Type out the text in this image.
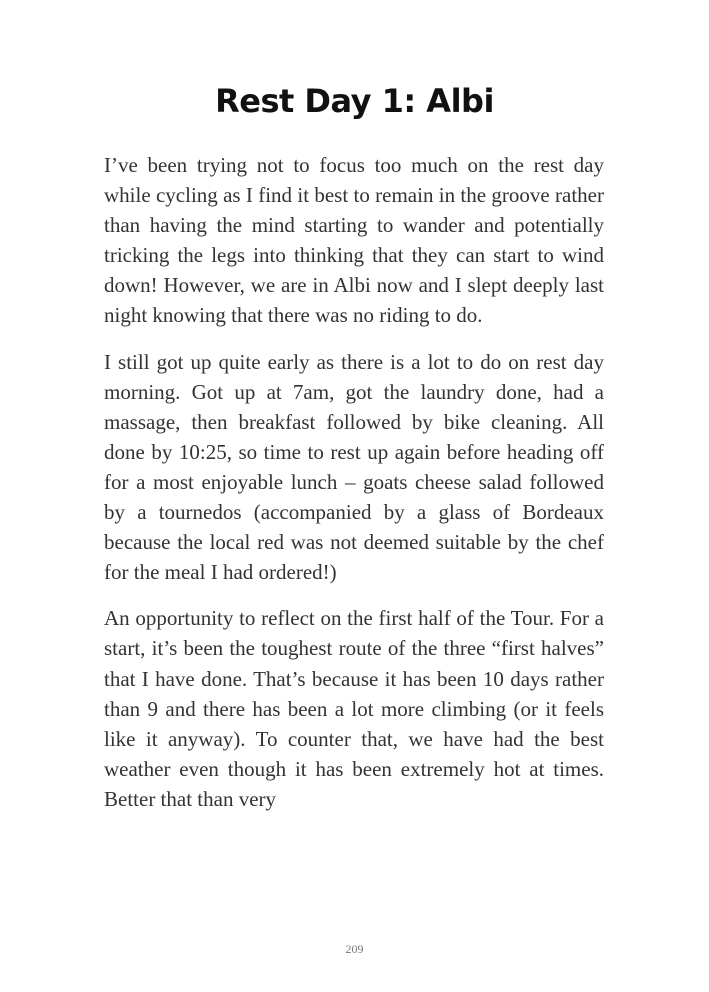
Rest Day 1: Albi

I’ve been trying not to focus too much on the rest day while cycling as I find it best to remain in the groove rather than having the mind starting to wander and potentially tricking the legs into thinking that they can start to wind down! However, we are in Albi now and I slept deeply last night knowing that there was no riding to do.

I still got up quite early as there is a lot to do on rest day morning. Got up at 7am, got the laundry done, had a massage, then breakfast followed by bike cleaning. All done by 10:25, so time to rest up again before heading off for a most enjoyable lunch – goats cheese salad followed by a tournedos (accompanied by a glass of Bordeaux because the local red was not deemed suitable by the chef for the meal I had ordered!)

An opportunity to reflect on the first half of the Tour. For a start, it’s been the toughest route of the three “first halves” that I have done. That’s because it has been 10 days rather than 9 and there has been a lot more climbing (or it feels like it anyway). To counter that, we have had the best weather even though it has been extremely hot at times. Better that than very

209
